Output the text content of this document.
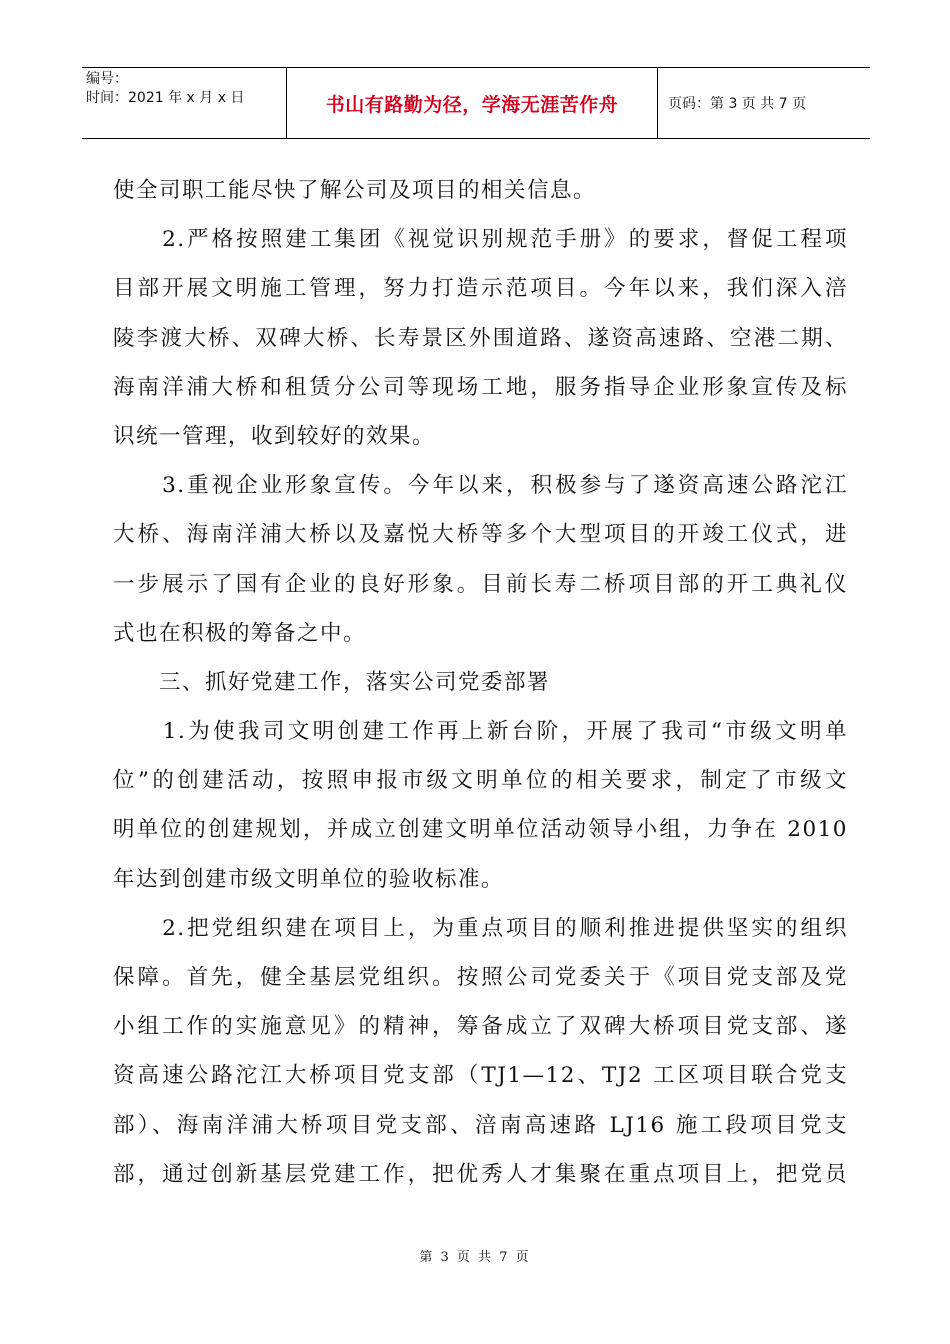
编号：
时间：2021 年 x 月 x 日	书山有路勤为径，学海无涯苦作舟	页码：第 3 页 共 7 页
使全司职工能尽快了解公司及项目的相关信息。
　　2.严格按照建工集团《视觉识别规范手册》的要求，督促工程项
目部开展文明施工管理，努力打造示范项目。今年以来，我们深入涪
陵李渡大桥、双碑大桥、长寿景区外围道路、遂资高速路、空港二期、
海南洋浦大桥和租赁分公司等现场工地，服务指导企业形象宣传及标
识统一管理，收到较好的效果。
　　3.重视企业形象宣传。今年以来，积极参与了遂资高速公路沱江
大桥、海南洋浦大桥以及嘉悦大桥等多个大型项目的开竣工仪式，进
一步展示了国有企业的良好形象。目前长寿二桥项目部的开工典礼仪
式也在积极的筹备之中。
　　三、抓好党建工作，落实公司党委部署
　　1.为使我司文明创建工作再上新台阶，开展了我司“市级文明单
位”的创建活动，按照申报市级文明单位的相关要求，制定了市级文
明单位的创建规划，并成立创建文明单位活动领导小组，力争在 2010
年达到创建市级文明单位的验收标准。
　　2.把党组织建在项目上，为重点项目的顺利推进提供坚实的组织
保障。首先，健全基层党组织。按照公司党委关于《项目党支部及党
小组工作的实施意见》的精神，筹备成立了双碑大桥项目党支部、遂
资高速公路沱江大桥项目党支部（TJ1—12、TJ2 工区项目联合党支
部）、海南洋浦大桥项目党支部、涪南高速路 LJ16 施工段项目党支
部，通过创新基层党建工作，把优秀人才集聚在重点项目上，把党员
第 3 页 共 7 页
